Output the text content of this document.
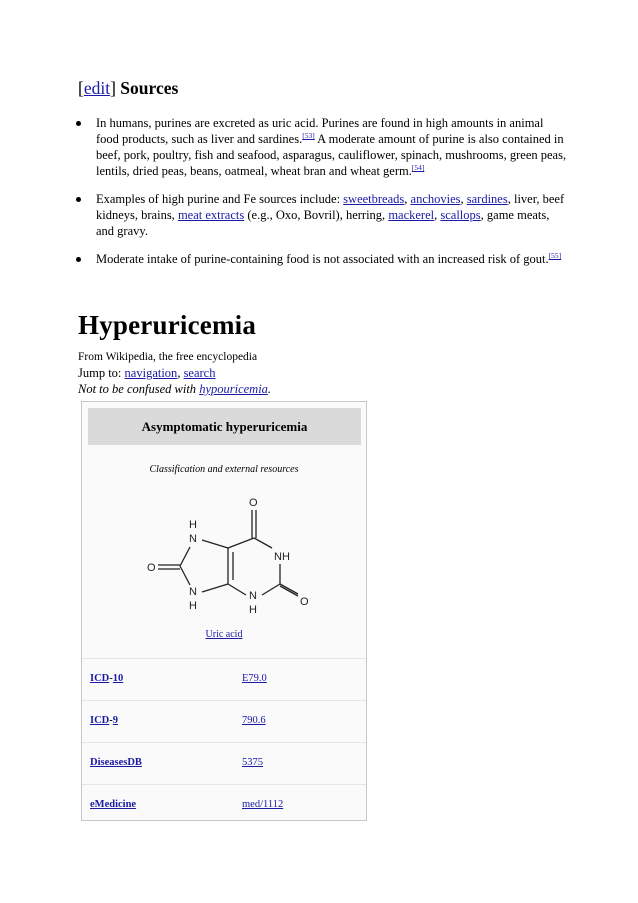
[edit] Sources
In humans, purines are excreted as uric acid. Purines are found in high amounts in animal food products, such as liver and sardines.[53] A moderate amount of purine is also contained in beef, pork, poultry, fish and seafood, asparagus, cauliflower, spinach, mushrooms, green peas, lentils, dried peas, beans, oatmeal, wheat bran and wheat germ.[54]
Examples of high purine and Fe sources include: sweetbreads, anchovies, sardines, liver, beef kidneys, brains, meat extracts (e.g., Oxo, Bovril), herring, mackerel, scallops, game meats, and gravy.
Moderate intake of purine-containing food is not associated with an increased risk of gout.[55]
Hyperuricemia
From Wikipedia, the free encyclopedia
Jump to: navigation, search
Not to be confused with hypouricemia.
Asymptomatic hyperuricemia
Classification and external resources
O
O
O
H
N
N
H
NH
N
H
Uric acid
ICD-10	E79.0
ICD-9	790.6
DiseasesDB	5375
eMedicine	med/1112
